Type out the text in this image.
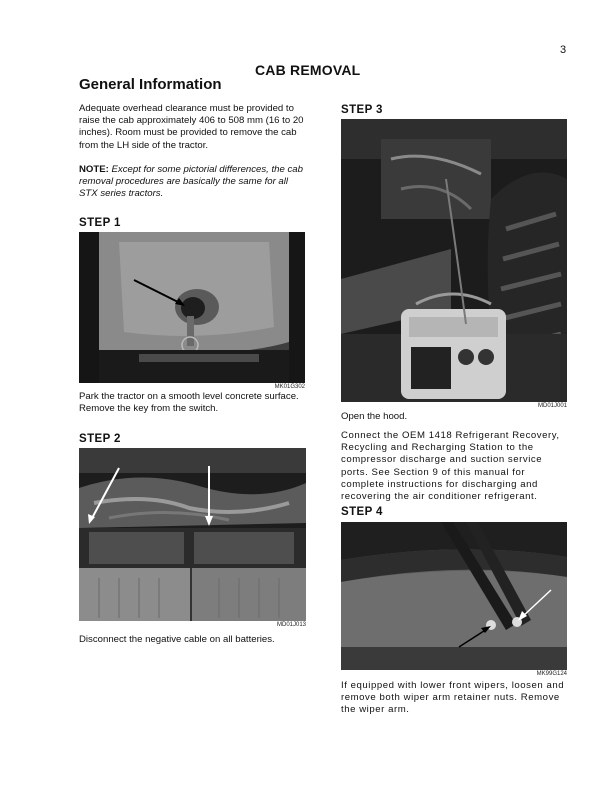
3
CAB REMOVAL
General Information
Adequate overhead clearance must be provided to raise the cab approximately 406 to 508 mm (16 to 20 inches). Room must be provided to remove the cab from the LH side of the tractor.
NOTE: Except for some pictorial differences, the cab removal procedures are basically the same for all STX series tractors.
STEP 1
MK01G302
Park the tractor on a smooth level concrete surface. Remove the key from the switch.
STEP 2
MD01J013
Disconnect the negative cable on all batteries.
STEP 3
MD01J001
Open the hood.
Connect the OEM 1418 Refrigerant Recovery, Recycling and Recharging Station to the compressor discharge and suction service ports. See Section 9 of this manual for complete instructions for discharging and recovering the air conditioner refrigerant.
STEP 4
MK99G124
If equipped with lower front wipers, loosen and remove both wiper arm retainer nuts. Remove the wiper arm.
